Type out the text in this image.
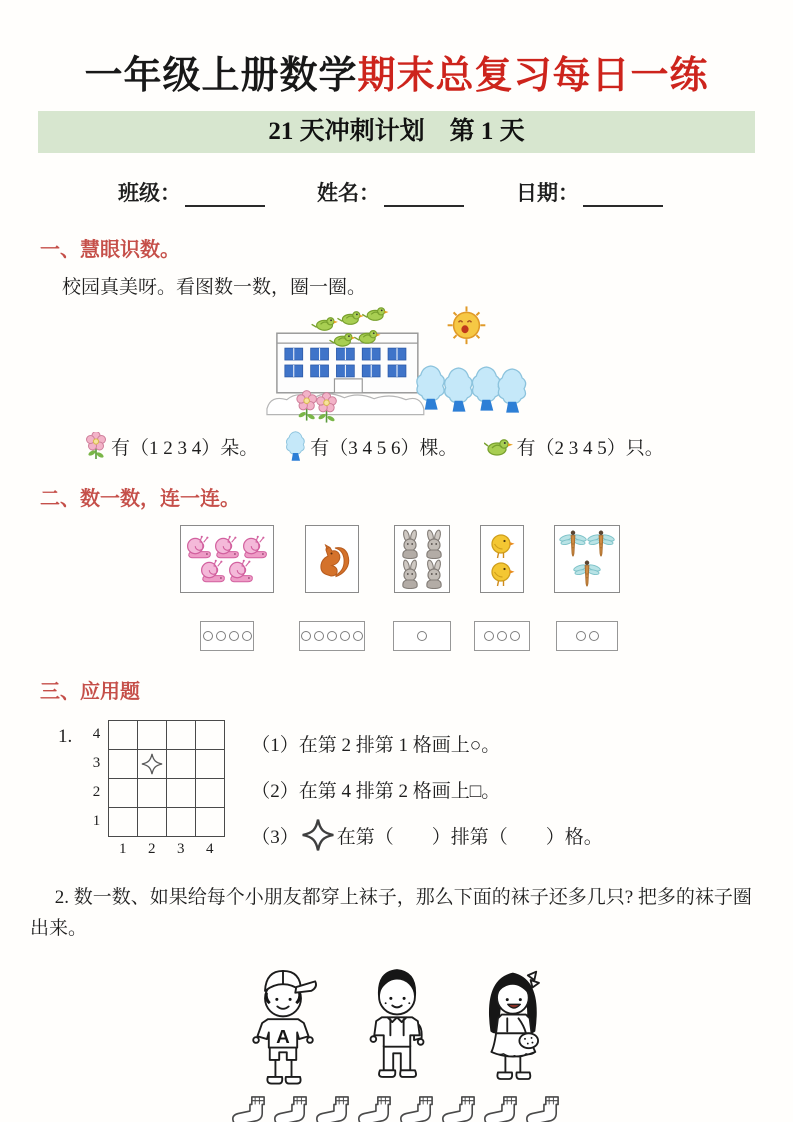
一年级上册数学期末总复习每日一练
21 天冲刺计划　第 1 天
班级：	姓名：	日期：
一、慧眼识数。
校园真美呀。看图数一数，圈一圈。
有（1 2 3 4）朵。	有（3 4 5 6）棵。	有（2 3 4 5）只。
二、数一数，连一连。
三、应用题
1.	4
3
2
1
1	2	3	4
（1）在第 2 排第 1 格画上○。
（2）在第 4 排第 2 格画上□。
（3） 在第（　　）排第（　　）格。
2. 数一数、如果给每个小朋友都穿上袜子，那么下面的袜子还多几只? 把多的袜子圈出来。
A
